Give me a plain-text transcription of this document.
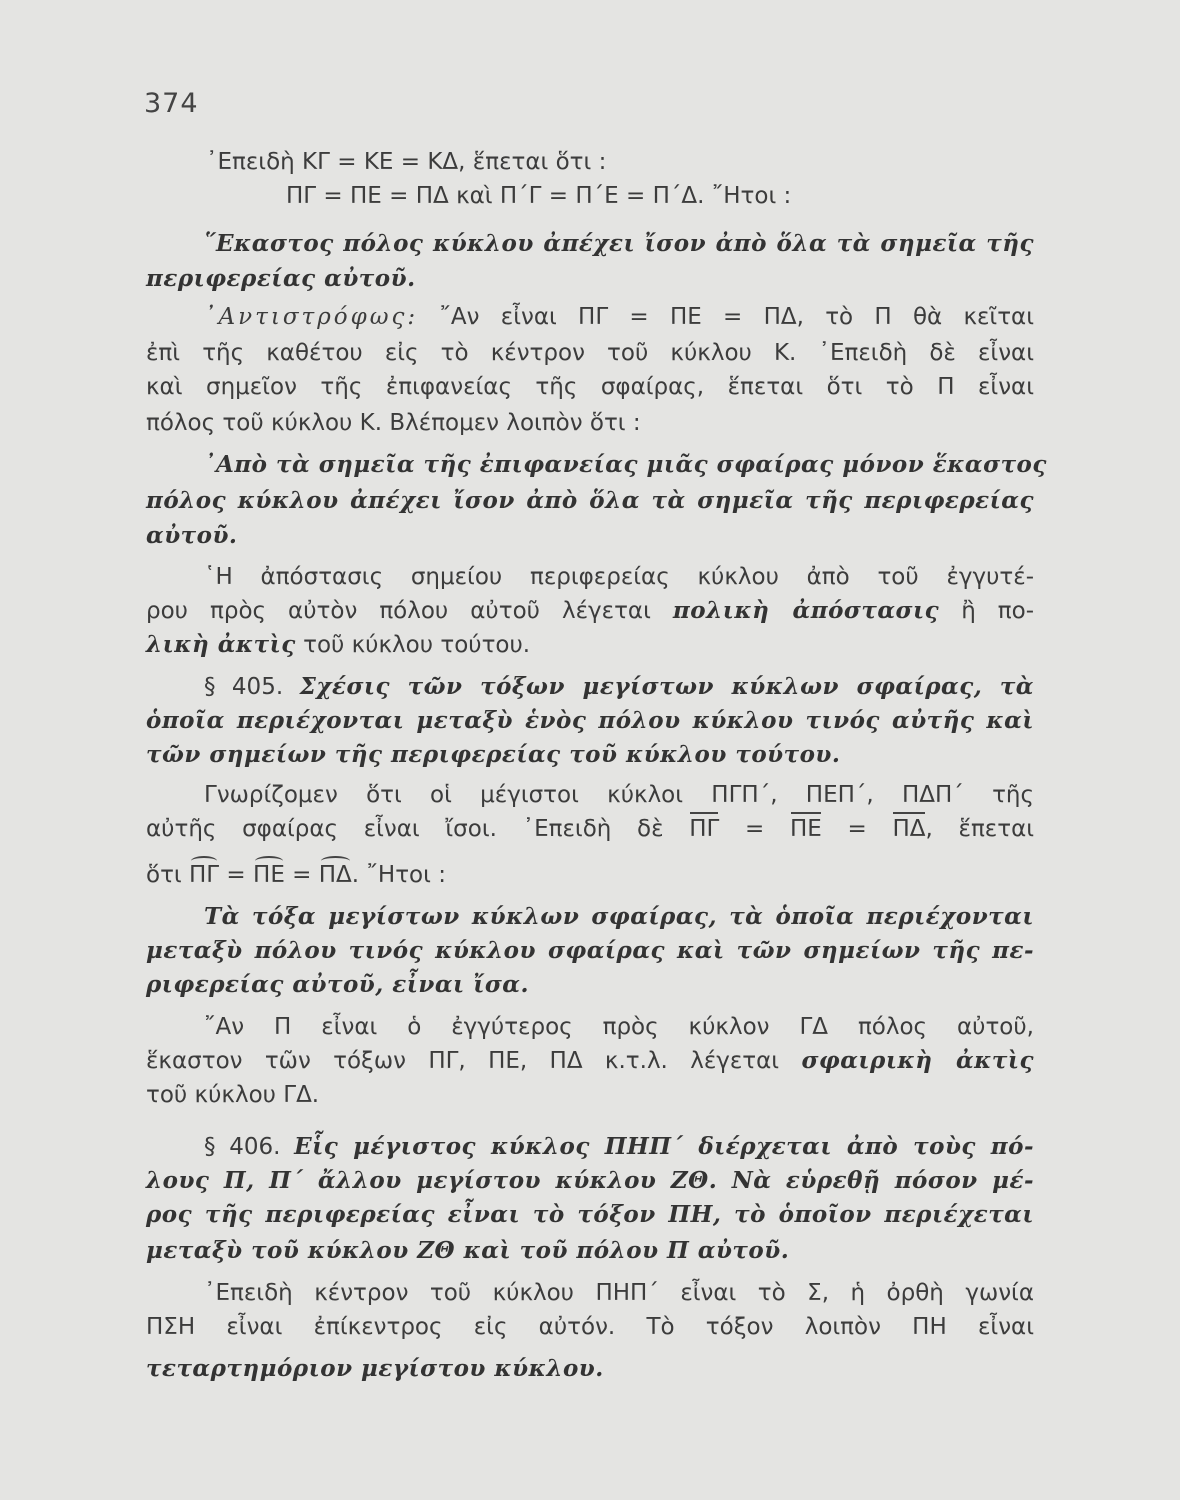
374
᾿Επειδὴ ΚΓ = ΚΕ = ΚΔ, ἕπεται ὅτι :
ΠΓ = ΠΕ = ΠΔ καὶ Π΄Γ = Π΄Ε = Π΄Δ. ῎Ητοι :
῞Εκαστος πόλος κύκλου ἀπέχει ἴσον ἀπὸ ὅλα τὰ σημεῖα τῆς
περιφερείας αὐτοῦ.
᾿Αντιστρόφως: ῎Αν εἶναι ΠΓ = ΠΕ = ΠΔ, τὸ Π θὰ κεῖται
ἐπὶ τῆς καθέτου εἰς τὸ κέντρον τοῦ κύκλου Κ. ᾿Επειδὴ δὲ εἶναι
καὶ σημεῖον τῆς ἐπιφανείας τῆς σφαίρας, ἕπεται ὅτι τὸ Π εἶναι
πόλος τοῦ κύκλου Κ. Βλέπομεν λοιπὸν ὅτι :
᾿Απὸ τὰ σημεῖα τῆς ἐπιφανείας μιᾶς σφαίρας μόνον ἕκαστος
πόλος κύκλου ἀπέχει ἴσον ἀπὸ ὅλα τὰ σημεῖα τῆς περιφερείας
αὐτοῦ.
῾Η ἀπόστασις σημείου περιφερείας κύκλου ἀπὸ τοῦ ἐγγυτέ-
ρου πρὸς αὐτὸν πόλου αὐτοῦ λέγεται πολικὴ ἀπόστασις ἢ πο-
λικὴ ἀκτὶς τοῦ κύκλου τούτου.
§ 405. Σχέσις τῶν τόξων μεγίστων κύκλων σφαίρας, τὰ
ὁποῖα περιέχονται μεταξὺ ἑνὸς πόλου κύκλου τινός αὐτῆς καὶ
τῶν σημείων τῆς περιφερείας τοῦ κύκλου τούτου.
Γνωρίζομεν ὅτι οἱ μέγιστοι κύκλοι ΠΓΠ΄, ΠΕΠ΄, ΠΔΠ΄ τῆς
αὐτῆς σφαίρας εἶναι ἴσοι. ᾿Επειδὴ δὲ ΠΓ = ΠΕ = ΠΔ, ἕπεται
ὅτι ΠΓ = ΠΕ = ΠΔ. ῎Ητοι :
Τὰ τόξα μεγίστων κύκλων σφαίρας, τὰ ὁποῖα περιέχονται
μεταξὺ πόλου τινός κύκλου σφαίρας καὶ τῶν σημείων τῆς πε-
ριφερείας αὐτοῦ, εἶναι ἴσα.
῎Αν Π εἶναι ὁ ἐγγύτερος πρὸς κύκλον ΓΔ πόλος αὐτοῦ,
ἕκαστον τῶν τόξων ΠΓ, ΠΕ, ΠΔ κ.τ.λ. λέγεται σφαιρικὴ ἀκτὶς
τοῦ κύκλου ΓΔ.
§ 406. Εἷς μέγιστος κύκλος ΠΗΠ΄ διέρχεται ἀπὸ τοὺς πό-
λους Π, Π΄ ἄλλου μεγίστου κύκλου ΖΘ. Νὰ εὑρεθῇ πόσον μέ-
ρος τῆς περιφερείας εἶναι τὸ τόξον ΠΗ, τὸ ὁποῖον περιέχεται
μεταξὺ τοῦ κύκλου ΖΘ καὶ τοῦ πόλου Π αὐτοῦ.
᾿Επειδὴ κέντρον τοῦ κύκλου ΠΗΠ΄ εἶναι τὸ Σ, ἡ ὀρθὴ γωνία
ΠΣΗ εἶναι ἐπίκεντρος εἰς αὐτόν. Τὸ τόξον λοιπὸν ΠΗ εἶναι
τεταρτημόριον μεγίστου κύκλου.
